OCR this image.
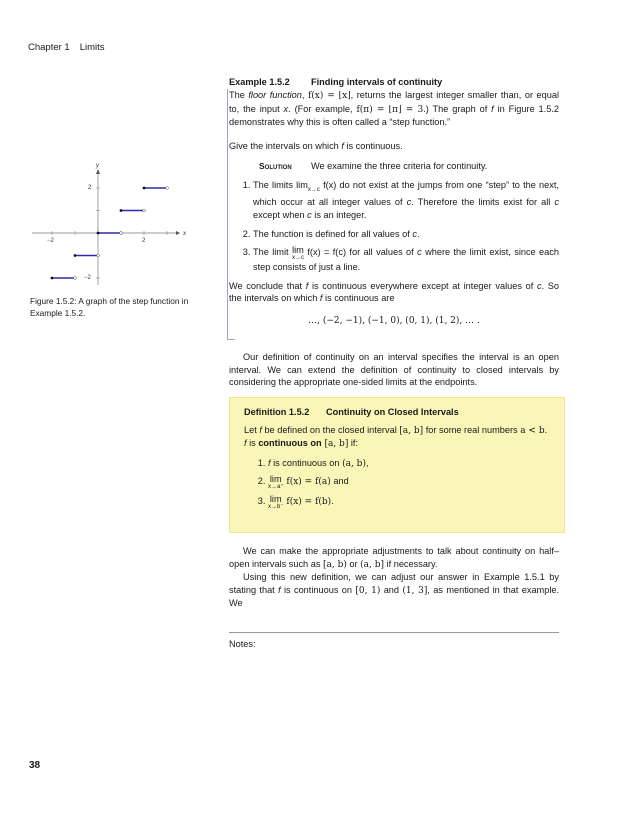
Chapter 1 Limits
x
y
−2	2
2
−2
Figure 1.5.2: A graph of the step function in Example 1.5.2.
Example 1.5.2 Finding intervals of continuity
The floor function, f(x) = ⌊x⌋, returns the largest integer smaller than, or equal to, the input x. (For example, f(π) = ⌊π⌋ = 3.) The graph of f in Figure 1.5.2 demonstrates why this is often called a “step function.”
Give the intervals on which f is continuous.
Solution We examine the three criteria for continuity.
1. The limits $\lim_{x\to c} f(x)$ do not exist at the jumps from one “step” to the next, which occur at all integer values of c. Therefore the limits exist for all c except when c is an integer.
2. The function is defined for all values of c.
3. The limit lim
x→c
f(x) = f(c) for all values of c where the limit exist, since each step consists of just a line.
We conclude that f is continuous everywhere except at integer values of c. So the intervals on which f is continuous are
…, (−2, −1), (−1, 0), (0, 1), (1, 2), … .
Our definition of continuity on an interval specifies the interval is an open interval. We can extend the definition of continuity to closed intervals by considering the appropriate one-sided limits at the endpoints.
Definition 1.5.2 Continuity on Closed Intervals
Let f be defined on the closed interval [a, b] for some real numbers a < b.
f is continuous on [a, b] if:
1. f is continuous on (a, b),
2. lim
x→a⁺ f(x) = f(a) and
3. lim
x→b⁻ f(x) = f(b).
We can make the appropriate adjustments to talk about continuity on half–open intervals such as [a, b) or (a, b] if necessary.
Using this new definition, we can adjust our answer in Example 1.5.1 by stating that f is continuous on [0, 1) and (1, 3], as mentioned in that example. We
Notes:
38
